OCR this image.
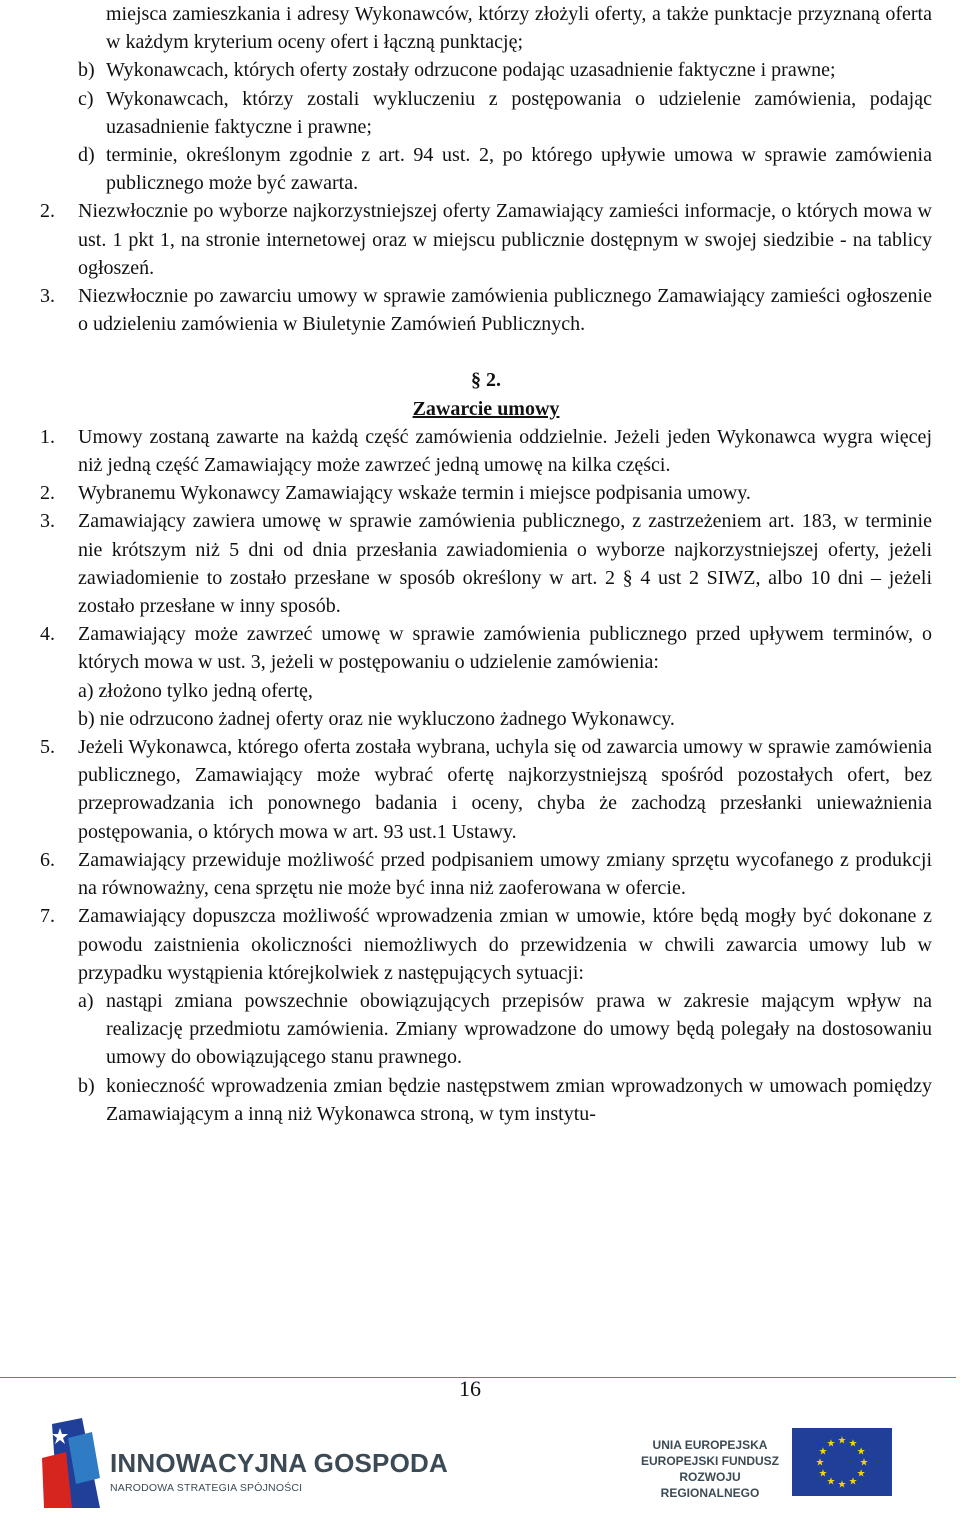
miejsca zamieszkania i adresy Wykonawców, którzy złożyli oferty, a także punktacje przyznaną oferta w każdym kryterium oceny ofert i łączną punktację;
b) Wykonawcach, których oferty zostały odrzucone podając uzasadnienie faktyczne i prawne;
c) Wykonawcach, którzy zostali wykluczeniu z postępowania o udzielenie zamówienia, podając uzasadnienie faktyczne i prawne;
d) terminie, określonym zgodnie z art. 94 ust. 2, po którego upływie umowa w sprawie zamówienia publicznego może być zawarta.
2. Niezwłocznie po wyborze najkorzystniejszej oferty Zamawiający zamieści informacje, o których mowa w ust. 1 pkt 1, na stronie internetowej oraz w miejscu publicznie dostępnym w swojej siedzibie - na tablicy ogłoszeń.
3. Niezwłocznie po zawarciu umowy w sprawie zamówienia publicznego Zamawiający zamieści ogłoszenie o udzieleniu zamówienia w Biuletynie Zamówień Publicznych.
§ 2.
Zawarcie umowy
1. Umowy zostaną zawarte na każdą część zamówienia oddzielnie. Jeżeli jeden Wykonawca wygra więcej niż jedną część Zamawiający może zawrzeć jedną umowę na kilka części.
2. Wybranemu Wykonawcy Zamawiający wskaże termin i miejsce podpisania umowy.
3. Zamawiający zawiera umowę w sprawie zamówienia publicznego, z zastrzeżeniem art. 183, w terminie nie krótszym niż 5 dni od dnia przesłania zawiadomienia o wyborze najkorzystniejszej oferty, jeżeli zawiadomienie to zostało przesłane w sposób określony w art. 2 § 4 ust 2 SIWZ, albo 10 dni – jeżeli zostało przesłane w inny sposób.
4. Zamawiający może zawrzeć umowę w sprawie zamówienia publicznego przed upływem terminów, o których mowa w ust. 3, jeżeli w postępowaniu o udzielenie zamówienia:
a) złożono tylko jedną ofertę,
b) nie odrzucono żadnej oferty oraz nie wykluczono żadnego Wykonawcy.
5. Jeżeli Wykonawca, którego oferta została wybrana, uchyla się od zawarcia umowy w sprawie zamówienia publicznego, Zamawiający może wybrać ofertę najkorzystniejszą spośród pozostałych ofert, bez przeprowadzania ich ponownego badania i oceny, chyba że zachodzą przesłanki unieważnienia postępowania, o których mowa w art. 93 ust.1 Ustawy.
6. Zamawiający przewiduje możliwość przed podpisaniem umowy zmiany sprzętu wycofanego z produkcji na równoważny, cena sprzętu nie może być inna niż zaoferowana w ofercie.
7. Zamawiający dopuszcza możliwość wprowadzenia zmian w umowie, które będą mogły być dokonane z powodu zaistnienia okoliczności niemożliwych do przewidzenia w chwili zawarcia umowy lub w przypadku wystąpienia którejkolwiek z następujących sytuacji:
a) nastąpi zmiana powszechnie obowiązujących przepisów prawa w zakresie mającym wpływ na realizację przedmiotu zamówienia. Zmiany wprowadzone do umowy będą polegały na dostosowaniu umowy do obowiązującego stanu prawnego.
b) konieczność wprowadzenia zmian będzie następstwem zmian wprowadzonych w umowach pomiędzy Zamawiającym a inną niż Wykonawca stroną, w tym instytu-
16
INNOWACYJNA GOSPODA
NARODOWA STRATEGIA SPÓJNOŚCI
UNIA EUROPEJSKA
EUROPEJSKI FUNDUSZ
ROZWOJU REGIONALNEGO
★
★
★
★
★
★
★
★
★ ★ ★
★
